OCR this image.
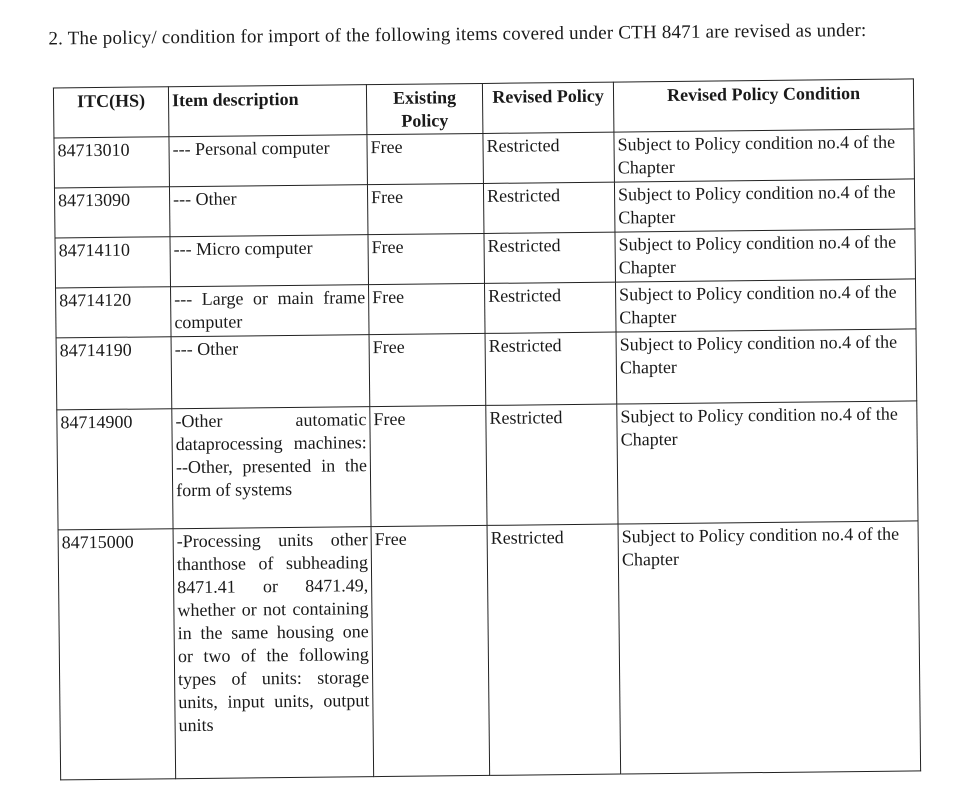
2. The policy/ condition for import of the following items covered under CTH 8471 are revised as under:

ITC(HS)	Item description	Existing Policy	Revised Policy	Revised Policy Condition
84713010	--- Personal computer	Free	Restricted	Subject to Policy condition no.4 of the Chapter
84713090	--- Other	Free	Restricted	Subject to Policy condition no.4 of the Chapter
84714110	--- Micro computer	Free	Restricted	Subject to Policy condition no.4 of the Chapter
84714120	--- Large or main frame computer	Free	Restricted	Subject to Policy condition no.4 of the Chapter
84714190	--- Other	Free	Restricted	Subject to Policy condition no.4 of the Chapter
84714900	-Other automatic dataprocessing machines: --Other, presented in the form of systems	Free	Restricted	Subject to Policy condition no.4 of the Chapter
84715000	-Processing units other thanthose of subheading 8471.41 or 8471.49, whether or not containing in the same housing one or two of the following types of units: storage units, input units, output units	Free	Restricted	Subject to Policy condition no.4 of the Chapter
